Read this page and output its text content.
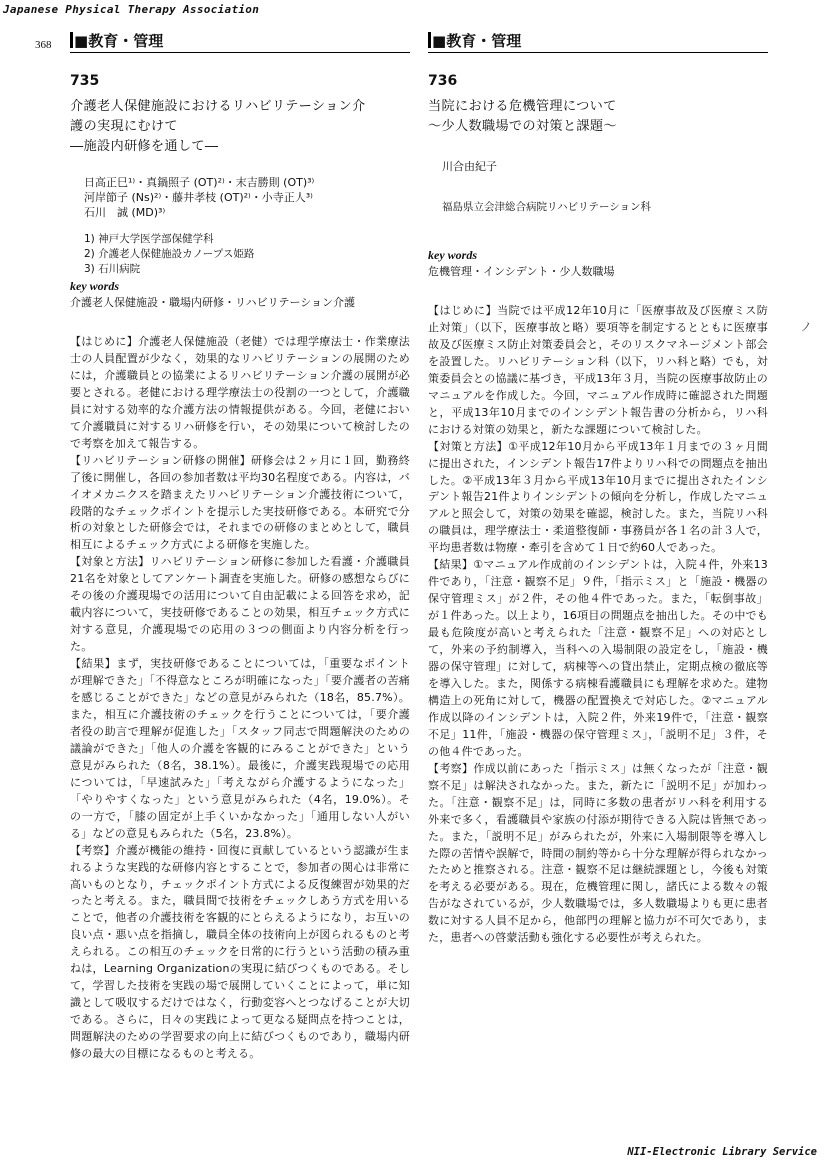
Japanese Physical Therapy Association
368
ノ
■教育・管理
735
介護老人保健施設におけるリハビリテーション介
護の実現にむけて
―施設内研修を通して―
日高正巳¹⁾・真鍋照子 (OT)²⁾・末吉勝則 (OT)³⁾
河岸節子 (Ns)²⁾・藤井孝枝 (OT)²⁾・小寺正人³⁾
石川　誠 (MD)³⁾
1) 神戸大学医学部保健学科
2) 介護老人保健施設カノープス姫路
3) 石川病院
key words
介護老人保健施設・職場内研修・リハビリテーション介護

【はじめに】介護老人保健施設（老健）では理学療法士・作業療法士の人員配置が少なく，効果的なリハビリテーションの展開のためには，介護職員との協業によるリハビリテーション介護の展開が必要とされる。老健における理学療法士の役割の一つとして，介護職員に対する効率的な介護方法の情報提供がある。今回，老健において介護職員に対するリハ研修を行い，その効果について検討したので考察を加えて報告する。

【リハビリテーション研修の開催】研修会は２ヶ月に１回，勤務終了後に開催し，各回の参加者数は平均30名程度である。内容は，バイオメカニクスを踏まえたリハビリテーション介護技術について，段階的なチェックポイントを提示した実技研修である。本研究で分析の対象とした研修会では，それまでの研修のまとめとして，職員相互によるチェック方式による研修を実施した。

【対象と方法】リハビリテーション研修に参加した看護・介護職員21名を対象としてアンケート調査を実施した。研修の感想ならびにその後の介護現場での活用について自由記載による回答を求め，記載内容について，実技研修であることの効果，相互チェック方式に対する意見，介護現場での応用の３つの側面より内容分析を行った。

【結果】まず，実技研修であることについては，「重要なポイントが理解できた」「不得意なところが明確になった」「要介護者の苦痛を感じることができた」などの意見がみられた（18名，85.7%）。また，相互に介護技術のチェックを行うことについては，「要介護者役の助言で理解が促進した」「スタッフ同志で問題解決のための議論ができた」「他人の介護を客観的にみることができた」という意見がみられた（8名，38.1%）。最後に，介護実践現場での応用については，「早速試みた」「考えながら介護するようになった」「やりやすくなった」という意見がみられた（4名，19.0%）。その一方で，「膝の固定が上手くいかなかった」「通用しない人がいる」などの意見もみられた（5名，23.8%）。

【考察】介護が機能の維持・回復に貢献しているという認識が生まれるような実践的な研修内容とすることで，参加者の関心は非常に高いものとなり，チェックポイント方式による反復練習が効果的だったと考える。また，職員間で技術をチェックしあう方式を用いることで，他者の介護技術を客観的にとらえるようになり，お互いの良い点・悪い点を指摘し，職員全体の技術向上が図られるものと考えられる。この相互のチェックを日常的に行うという活動の積み重ねは，Learning Organizationの実現に結びつくものである。そして，学習した技術を実践の場で展開していくことによって，単に知識として吸収するだけではなく，行動変容へとつなげることが大切である。さらに，日々の実践によって更なる疑問点を持つことは，問題解決のための学習要求の向上に結びつくものであり，職場内研修の最大の目標になるものと考える。

■教育・管理
736
当院における危機管理について
～少人数職場での対策と課題～
川合由紀子
福島県立会津総合病院リハビリテーション科
key words
危機管理・インシデント・少人数職場

【はじめに】当院では平成12年10月に「医療事故及び医療ミス防止対策」（以下，医療事故と略）要項等を制定するとともに医療事故及び医療ミス防止対策委員会と，そのリスクマネージメント部会を設置した。リハビリテーション科（以下，リハ科と略）でも，対策委員会との協議に基づき，平成13年３月，当院の医療事故防止のマニュアルを作成した。今回，マニュアル作成時に確認された問題と，平成13年10月までのインシデント報告書の分析から，リハ科における対策の効果と，新たな課題について検討した。

【対策と方法】①平成12年10月から平成13年１月までの３ヶ月間に提出された，インシデント報告17件よりリハ科での問題点を抽出した。②平成13年３月から平成13年10月までに提出されたインシデント報告21件よりインシデントの傾向を分析し，作成したマニュアルと照会して，対策の効果を確認，検討した。また，当院リハ科の職員は，理学療法士・柔道整復師・事務員が各１名の計３人で，平均患者数は物療・牽引を含めて１日で約60人であった。

【結果】①マニュアル作成前のインシデントは，入院４件，外来13件であり，「注意・観察不足」９件，「指示ミス」と「施設・機器の保守管理ミス」が２件，その他４件であった。また，「転倒事故」が１件あった。以上より，16項目の問題点を抽出した。その中でも最も危険度が高いと考えられた「注意・観察不足」への対応として，外来の予約制導入，当科への入場制限の設定をし，「施設・機器の保守管理」に対して，病棟等への貸出禁止，定期点検の徹底等を導入した。また，関係する病棟看護職員にも理解を求めた。建物構造上の死角に対して，機器の配置換えで対応した。②マニュアル作成以降のインシデントは，入院２件，外来19件で，「注意・観察不足」11件，「施設・機器の保守管理ミス」，「説明不足」３件，その他４件であった。

【考察】作成以前にあった「指示ミス」は無くなったが「注意・観察不足」は解決されなかった。また，新たに「説明不足」が加わった。「注意・観察不足」は，同時に多数の患者がリハ科を利用する外来で多く，看護職員や家族の付添が期待できる入院は皆無であった。また，「説明不足」がみられたが，外来に入場制限等を導入した際の苦情や誤解で，時間の制約等から十分な理解が得られなかったためと推察される。注意・観察不足は継続課題とし，今後も対策を考える必要がある。現在，危機管理に関し，諸氏による数々の報告がなされているが，少人数職場では，多人数職場よりも更に患者数に対する人員不足から，他部門の理解と協力が不可欠であり，また，患者への啓蒙活動も強化する必要性が考えられた。

NII-Electronic Library Service
